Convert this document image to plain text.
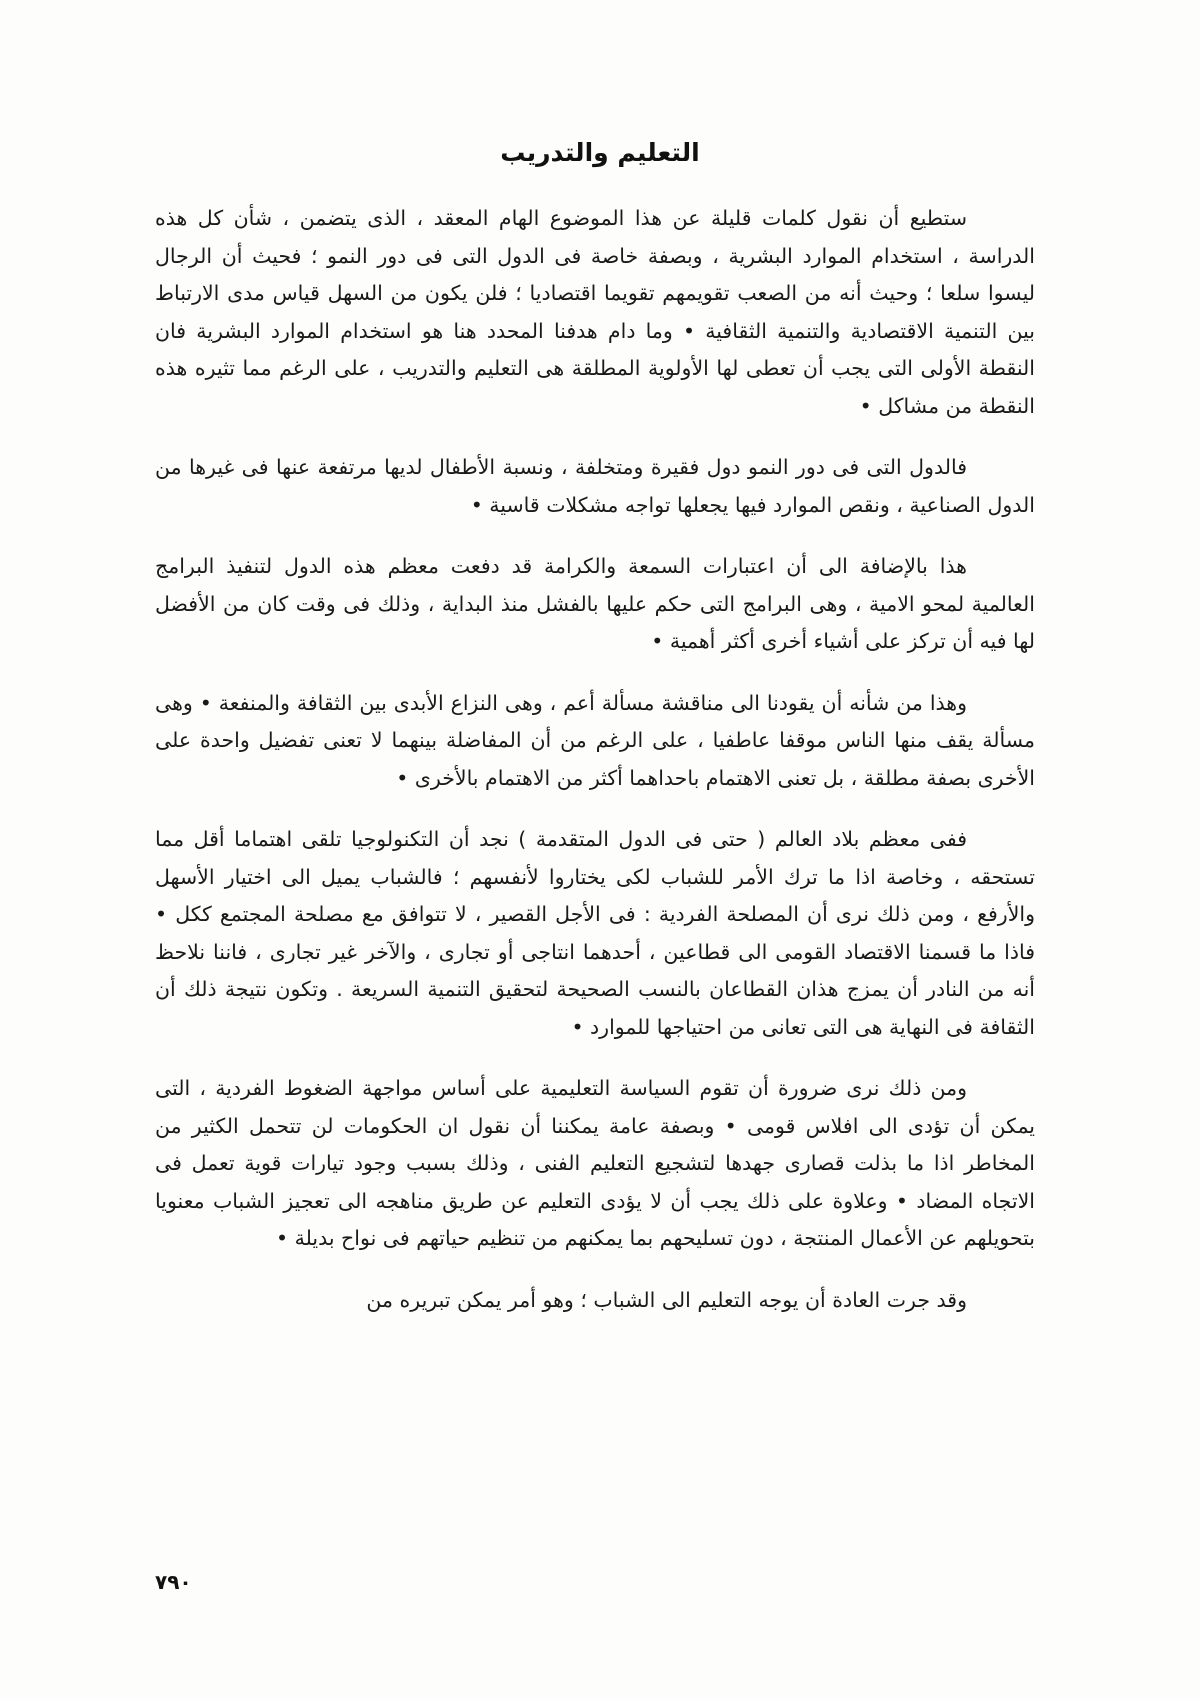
التعليم والتدريب

ستطيع أن نقول كلمات قليلة عن هذا الموضوع الهام المعقد ، الذى يتضمن ، شأن كل هذه الدراسة ، استخدام الموارد البشرية ، وبصفة خاصة فى الدول التى فى دور النمو ؛ فحيث أن الرجال ليسوا سلعا ؛ وحيث أنه من الصعب تقويمهم تقويما اقتصاديا ؛ فلن يكون من السهل قياس مدى الارتباط بين التنمية الاقتصادية والتنمية الثقافية • وما دام هدفنا المحدد هنا هو استخدام الموارد البشرية فان النقطة الأولى التى يجب أن تعطى لها الأولوية المطلقة هى التعليم والتدريب ، على الرغم مما تثيره هذه النقطة من مشاكل •

فالدول التى فى دور النمو دول فقيرة ومتخلفة ، ونسبة الأطفال لديها مرتفعة عنها فى غيرها من الدول الصناعية ، ونقص الموارد فيها يجعلها تواجه مشكلات قاسية •

هذا بالإضافة الى أن اعتبارات السمعة والكرامة قد دفعت معظم هذه الدول لتنفيذ البرامج العالمية لمحو الامية ، وهى البرامج التى حكم عليها بالفشل منذ البداية ، وذلك فى وقت كان من الأفضل لها فيه أن تركز على أشياء أخرى أكثر أهمية •

وهذا من شأنه أن يقودنا الى مناقشة مسألة أعم ، وهى النزاع الأبدى بين الثقافة والمنفعة • وهى مسألة يقف منها الناس موقفا عاطفيا ، على الرغم من أن المفاضلة بينهما لا تعنى تفضيل واحدة على الأخرى بصفة مطلقة ، بل تعنى الاهتمام باحداهما أكثر من الاهتمام بالأخرى •

ففى معظم بلاد العالم ( حتى فى الدول المتقدمة ) نجد أن التكنولوجيا تلقى اهتماما أقل مما تستحقه ، وخاصة اذا ما ترك الأمر للشباب لكى يختاروا لأنفسهم ؛ فالشباب يميل الى اختيار الأسهل والأرفع ، ومن ذلك نرى أن المصلحة الفردية : فى الأجل القصير ، لا تتوافق مع مصلحة المجتمع ككل • فاذا ما قسمنا الاقتصاد القومى الى قطاعين ، أحدهما انتاجى أو تجارى ، والآخر غير تجارى ، فاننا نلاحظ أنه من النادر أن يمزج هذان القطاعان بالنسب الصحيحة لتحقيق التنمية السريعة . وتكون نتيجة ذلك أن الثقافة فى النهاية هى التى تعانى من احتياجها للموارد •

ومن ذلك نرى ضرورة أن تقوم السياسة التعليمية على أساس مواجهة الضغوط الفردية ، التى يمكن أن تؤدى الى افلاس قومى • وبصفة عامة يمكننا أن نقول ان الحكومات لن تتحمل الكثير من المخاطر اذا ما بذلت قصارى جهدها لتشجيع التعليم الفنى ، وذلك بسبب وجود تيارات قوية تعمل فى الاتجاه المضاد • وعلاوة على ذلك يجب أن لا يؤدى التعليم عن طريق مناهجه الى تعجيز الشباب معنويا بتحويلهم عن الأعمال المنتجة ، دون تسليحهم بما يمكنهم من تنظيم حياتهم فى نواح بديلة •

وقد جرت العادة أن يوجه التعليم الى الشباب ؛ وهو أمر يمكن تبريره من

٧٩٠
